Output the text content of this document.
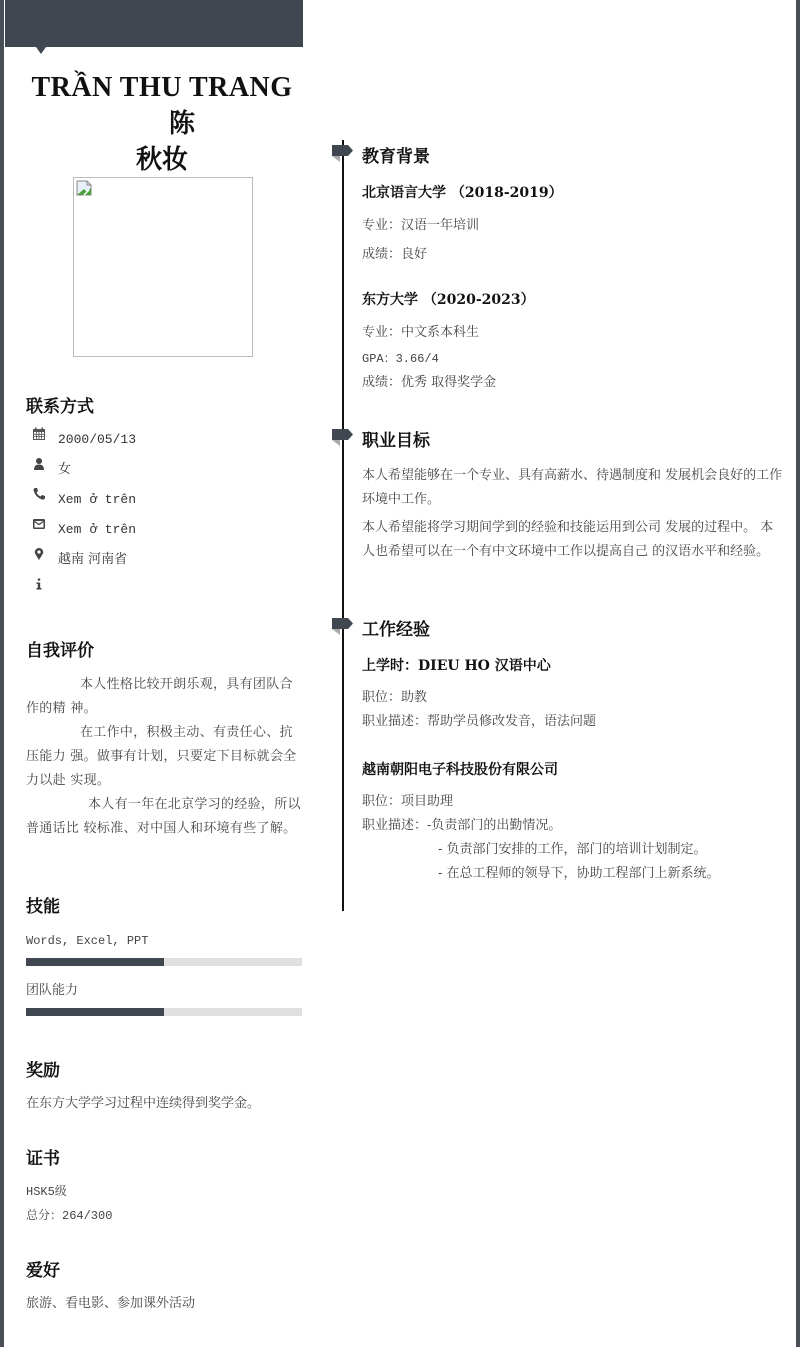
TRẦN THU TRANG陈
秋妆
联系方式
2000/05/13
女
Xem ở trên
Xem ở trên
越南 河南省
自我评价

本人性格比较开朗乐观，具有团队合作的精 神。

在工作中，积极主动、有责任心、抗压能力 强。做事有计划，只要定下目标就会全力以赴 实现。

本人有一年在北京学习的经验，所以普通话比 较标准、对中国人和环境有些了解。

技能
Words, Excel, PPT
团队能力
奖励
在东方大学学习过程中连续得到奖学金。
证书
HSK5级
总分：264/300
爱好
旅游、看电影、参加课外活动
教育背景
北京语言大学 （2018-2019）
专业：汉语一年培训
成绩：良好
东方大学 （2020-2023）
专业：中文系本科生
GPA：3.66/4
成绩：优秀 取得奖学金
职业目标

本人希望能够在一个专业、具有高薪水、待遇制度和 发展机会良好的工作环境中工作。

本人希望能将学习期间学到的经验和技能运用到公司 发展的过程中。 本人也希望可以在一个有中文环境中工作以提高自己 的汉语水平和经验。

工作经验
上学时：DIEU HO 汉语中心
职位：助教
职业描述：帮助学员修改发音，语法问题
越南朝阳电子科技股份有限公司
职位：项目助理
职业描述：-负责部门的出勤情况。
- 负责部门安排的工作，部门的培训计划制定。
- 在总工程师的领导下，协助工程部门上新系统。
